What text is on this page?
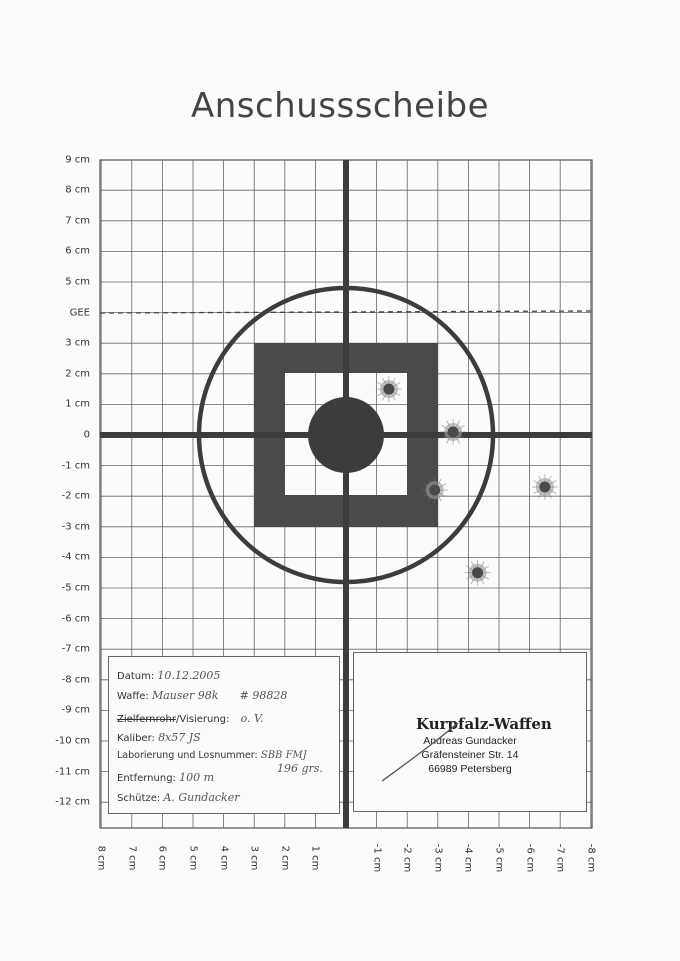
Anschussscheibe
9 cm
8 cm
7 cm
6 cm
5 cm
GEE
3 cm
2 cm
1 cm
0
-1 cm
-2 cm
-3 cm
-4 cm
-5 cm
-6 cm
-7 cm
-8 cm
-9 cm
-10 cm
-11 cm
-12 cm
8 cm 7 cm 6 cm 5 cm 4 cm 3 cm 2 cm 1 cm	-1 cm -2 cm -3 cm -4 cm -5 cm -6 cm -7 cm -8 cm
Datum: 10.12.2005
Waffe: Mauser 98k # 98828
Zielfernrohr/Visierung: o. V.
Kaliber: 8x57 JS
Laborierung und Losnummer: SBB FMJ
196 grs.
Entfernung: 100 m
Schütze: A. Gundacker
Kurpfalz-Waffen
Andreas Gundacker
Gräfensteiner Str. 14
66989 Petersberg
